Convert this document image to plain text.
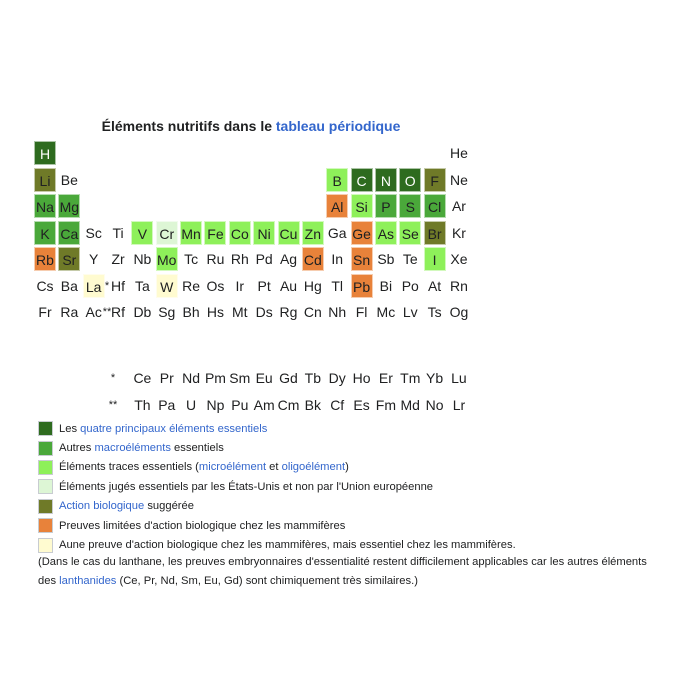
Éléments nutritifs dans le tableau périodique
H	He
Li Be	B	C	N O	F Ne
Na Mg	Al Si P	S Cl Ar
K Ca Sc Ti	V Cr Mn Fe Co Ni Cu Zn Ga Ge As Se Br Kr
Rb Sr Y Zr Nb Mo Tc Ru Rh Pd Ag Cd In Sn Sb Te	I Xe
Cs Ba La * Hf Ta W Re Os Ir Pt Au Hg Tl Pb Bi Po At Rn
Fr Ra Ac ** Rf Db Sg Bh Hs Mt Ds Rg Cn Nh Fl Mc Lv Ts Og
*	Ce Pr Nd Pm Sm Eu Gd Tb Dy Ho Er Tm Yb Lu
** Th Pa U Np Pu Am Cm Bk Cf Es Fm Md No Lr
Les quatre principaux éléments essentiels
Autres macroéléments essentiels
Éléments traces essentiels (microélément et oligoélément)
Éléments jugés essentiels par les États-Unis et non par l'Union européenne
Action biologique suggérée
Preuves limitées d'action biologique chez les mammifères
Aune preuve d'action biologique chez les mammifères, mais essentiel chez les mammifères.
(Dans le cas du lanthane, les preuves embryonnaires d'essentialité restent difficilement applicables car les autres éléments
des lanthanides (Ce, Pr, Nd, Sm, Eu, Gd) sont chimiquement très similaires.)
